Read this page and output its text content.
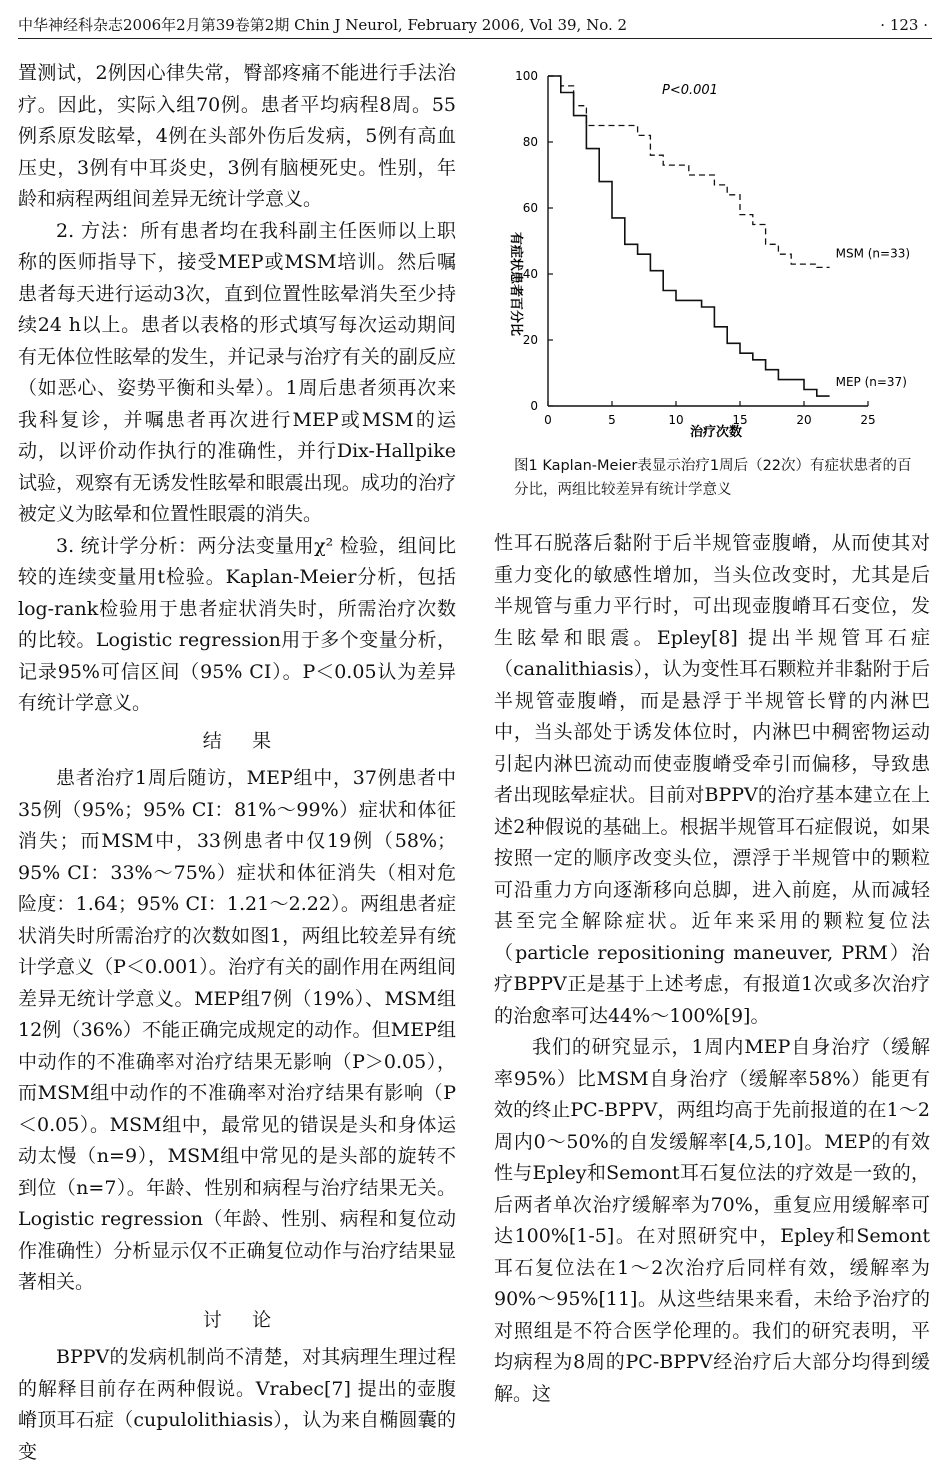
中华神经科杂志2006年2月第39卷第2期 Chin J Neurol, February 2006, Vol 39, No. 2	· 123 ·

置测试，2例因心律失常，臀部疼痛不能进行手法治疗。因此，实际入组70例。患者平均病程8周。55例系原发眩晕，4例在头部外伤后发病，5例有高血压史，3例有中耳炎史，3例有脑梗死史。性别，年龄和病程两组间差异无统计学意义。

2. 方法：所有患者均在我科副主任医师以上职称的医师指导下，接受MEP或MSM培训。然后嘱患者每天进行运动3次，直到位置性眩晕消失至少持续24 h以上。患者以表格的形式填写每次运动期间有无体位性眩晕的发生，并记录与治疗有关的副反应（如恶心、姿势平衡和头晕）。1周后患者须再次来我科复诊，并嘱患者再次进行MEP或MSM的运动，以评价动作执行的准确性，并行Dix-Hallpike试验，观察有无诱发性眩晕和眼震出现。成功的治疗被定义为眩晕和位置性眼震的消失。

3. 统计学分析：两分法变量用χ² 检验，组间比较的连续变量用t检验。Kaplan-Meier分析，包括log-rank检验用于患者症状消失时，所需治疗次数的比较。Logistic regression用于多个变量分析，记录95%可信区间（95% CI）。P＜0.05认为差异有统计学意义。

结果

患者治疗1周后随访，MEP组中，37例患者中35例（95%；95% CI：81%～99%）症状和体征消失；而MSM中，33例患者中仅19例（58%；95% CI：33%～75%）症状和体征消失（相对危险度：1.64；95% CI：1.21～2.22）。两组患者症状消失时所需治疗的次数如图1，两组比较差异有统计学意义（P＜0.001）。治疗有关的副作用在两组间差异无统计学意义。MEP组7例（19%）、MSM组12例（36%）不能正确完成规定的动作。但MEP组中动作的不准确率对治疗结果无影响（P＞0.05），而MSM组中动作的不准确率对治疗结果有影响（P＜0.05）。MSM组中，最常见的错误是头和身体运动太慢（n=9），MSM组中常见的是头部的旋转不到位（n=7）。年龄、性别和病程与治疗结果无关。Logistic regression（年龄、性别、病程和复位动作准确性）分析显示仅不正确复位动作与治疗结果显著相关。

讨论

BPPV的发病机制尚不清楚，对其病理生理过程的解释目前存在两种假说。Vrabec[7] 提出的壶腹嵴顶耳石症（cupulolithiasis），认为来自椭圆囊的变

0
20
40
60
80
100
0	5	10	15	20	25
MSM (n=33)
MEP (n=37)
P<0.001
治疗次数
有症状患者百分比
图1 Kaplan-Meier表显示治疗1周后（22次）有症状患者的百分比，两组比较差异有统计学意义

性耳石脱落后黏附于后半规管壶腹嵴，从而使其对重力变化的敏感性增加，当头位改变时，尤其是后半规管与重力平行时，可出现壶腹嵴耳石变位，发生眩晕和眼震。Epley[8] 提出半规管耳石症（canalithiasis），认为变性耳石颗粒并非黏附于后半规管壶腹嵴，而是悬浮于半规管长臂的内淋巴中，当头部处于诱发体位时，内淋巴中稠密物运动引起内淋巴流动而使壶腹嵴受牵引而偏移，导致患者出现眩晕症状。目前对BPPV的治疗基本建立在上述2种假说的基础上。根据半规管耳石症假说，如果按照一定的顺序改变头位，漂浮于半规管中的颗粒可沿重力方向逐渐移向总脚，进入前庭，从而减轻甚至完全解除症状。近年来采用的颗粒复位法（particle repositioning maneuver, PRM）治疗BPPV正是基于上述考虑，有报道1次或多次治疗的治愈率可达44%～100%[9]。

我们的研究显示，1周内MEP自身治疗（缓解率95%）比MSM自身治疗（缓解率58%）能更有效的终止PC-BPPV，两组均高于先前报道的在1～2周内0～50%的自发缓解率[4,5,10]。MEP的有效性与Epley和Semont耳石复位法的疗效是一致的，后两者单次治疗缓解率为70%，重复应用缓解率可达100%[1-5]。在对照研究中，Epley和Semont耳石复位法在1～2次治疗后同样有效，缓解率为90%～95%[11]。从这些结果来看，未给予治疗的对照组是不符合医学伦理的。我们的研究表明，平均病程为8周的PC-BPPV经治疗后大部分均得到缓解。这
